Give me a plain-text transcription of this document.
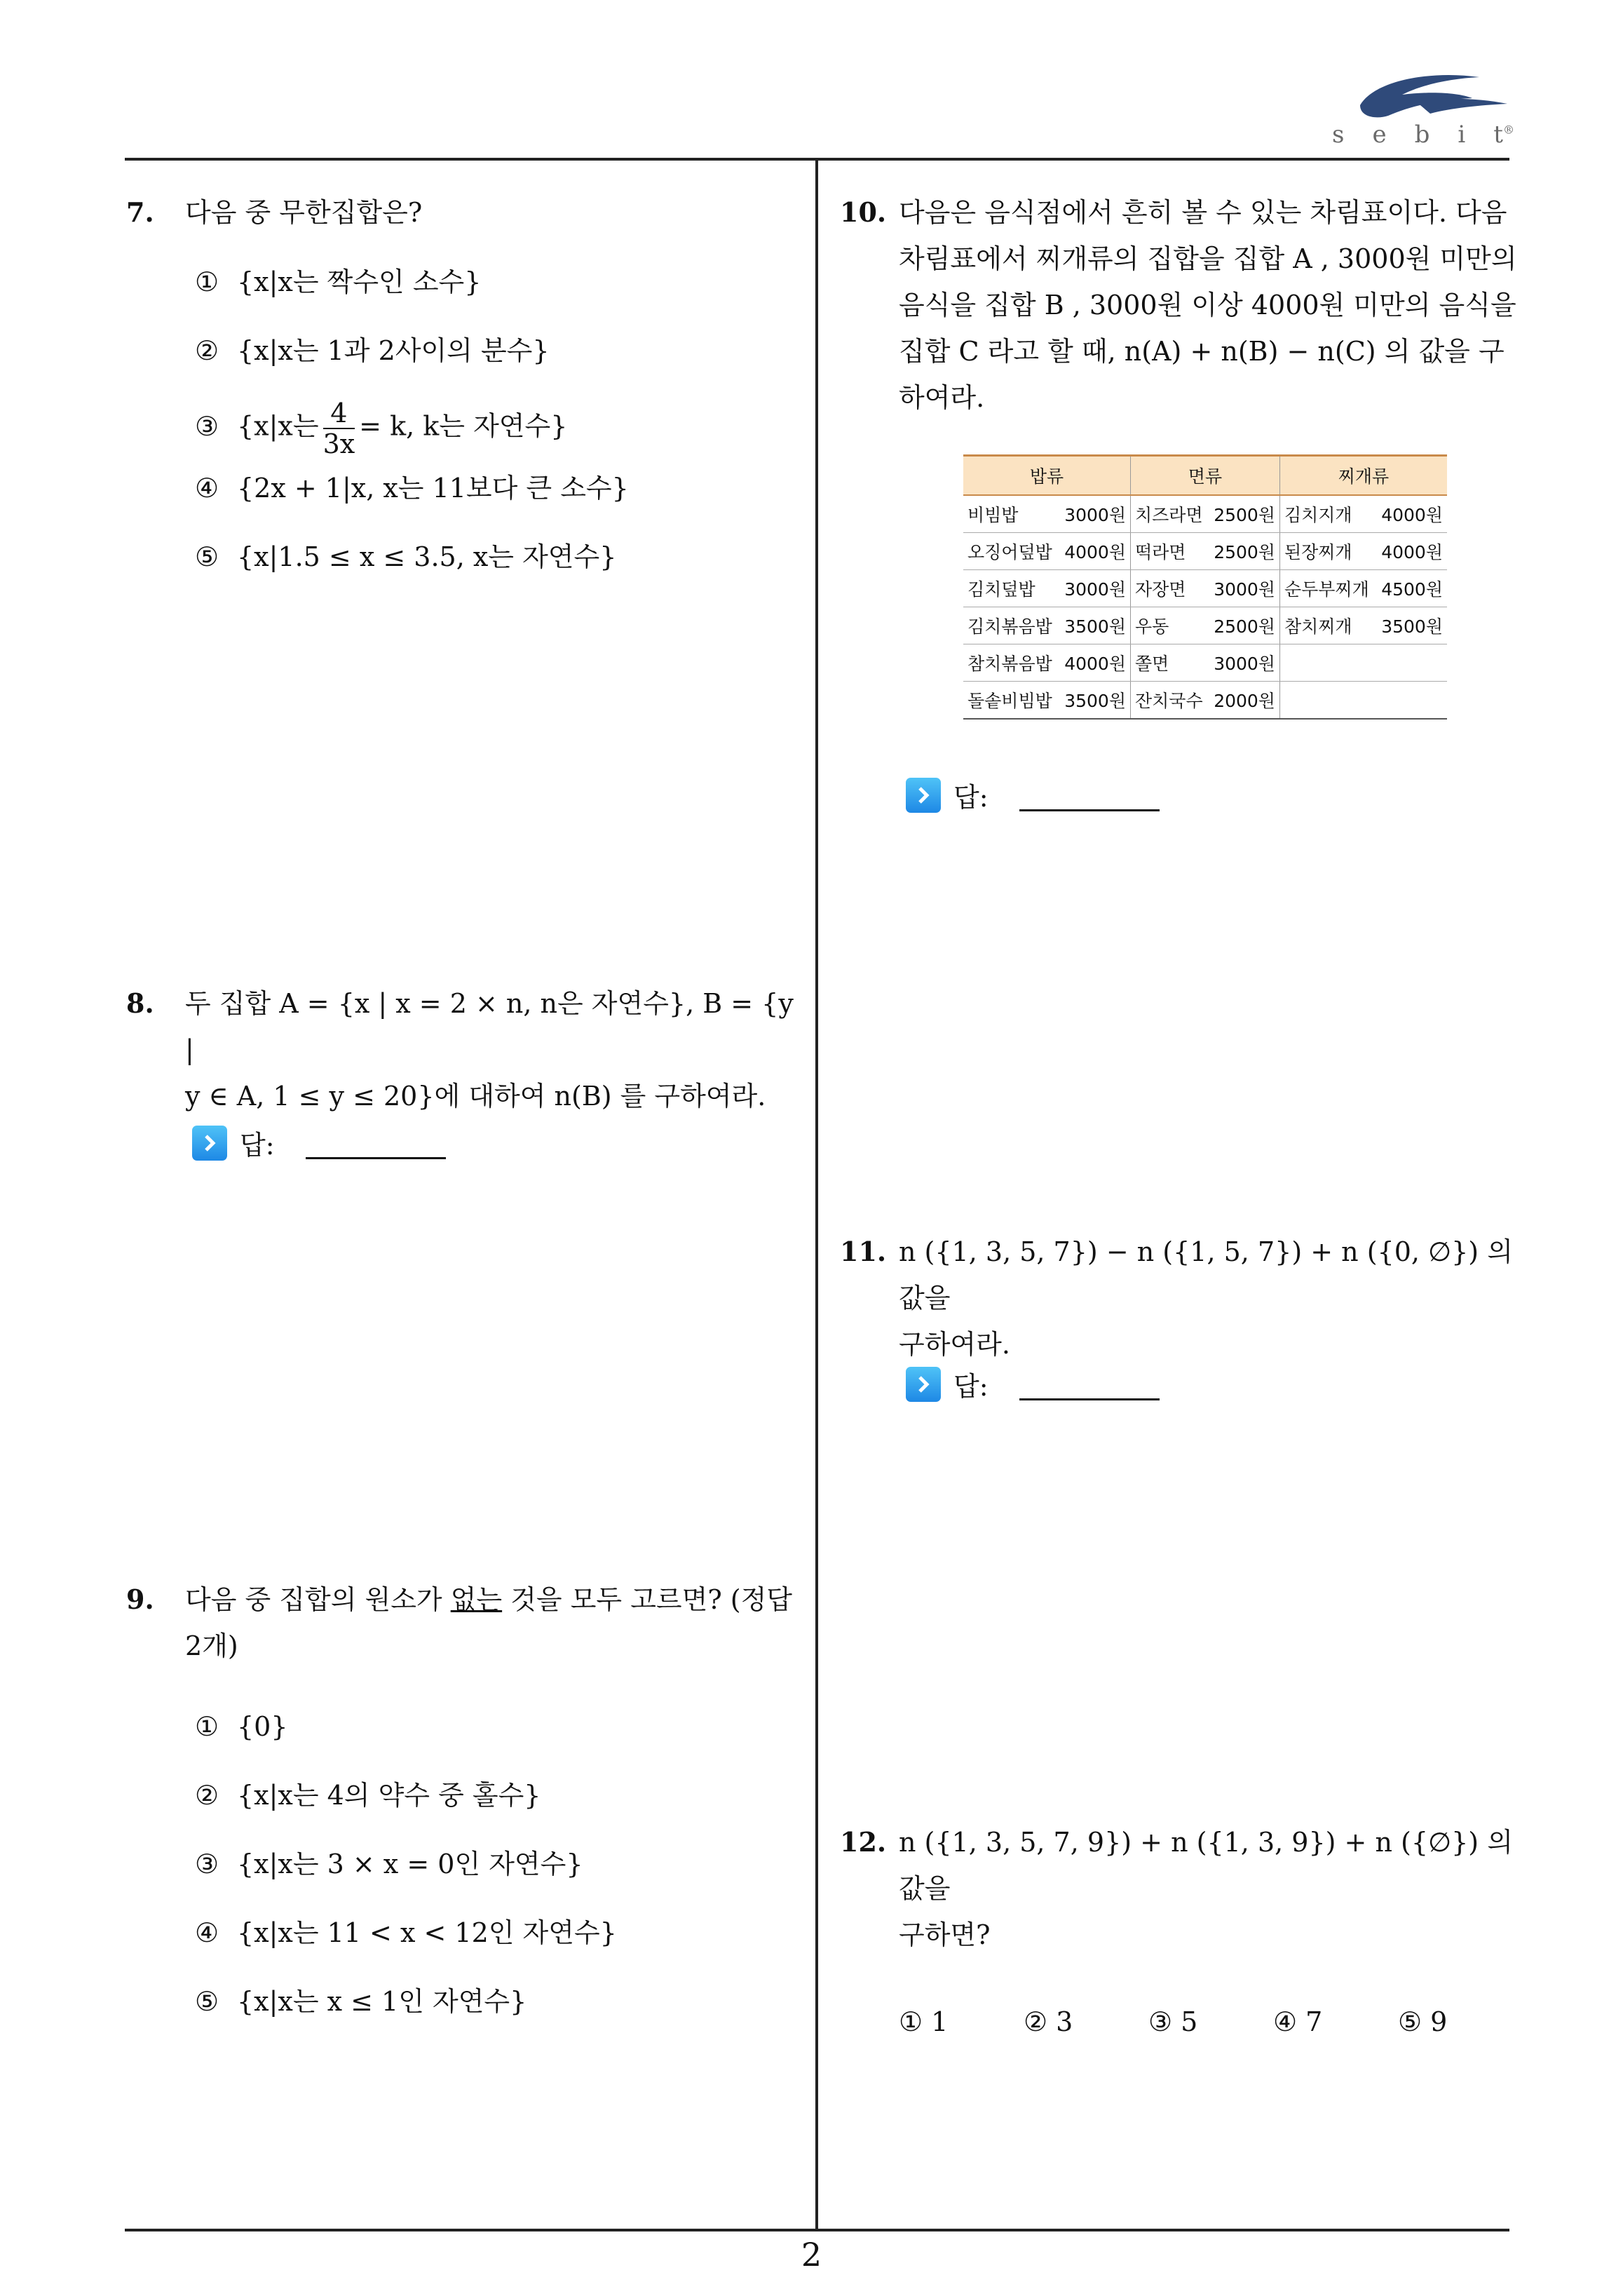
s e b i t®
7. 다음 중 무한집합은?
① {x|x는 짝수인 소수}
② {x|x는 1과 2사이의 분수}
③ {x|x는 $\frac{4}{3x} = k$, k는 자연수}
④ {2x + 1|x, x는 11보다 큰 소수}
⑤ {x|1.5 ≤ x ≤ 3.5, x는 자연수}
8. 두 집합 A = {x | x = 2 × n, n은 자연수}, B = {y |
y ∈ A, 1 ≤ y ≤ 20}에 대하여 n(B) 를 구하여라.
답:
9. 다음 중 집합의 원소가 없는 것을 모두 고르면? (정답
2개)
① {0}
② {x|x는 4의 약수 중 홀수}
③ {x|x는 3 × x = 0인 자연수}
④ {x|x는 11 < x < 12인 자연수}
⑤ {x|x는 x ≤ 1인 자연수}
10. 다음은 음식점에서 흔히 볼 수 있는 차림표이다. 다음
차림표에서 찌개류의 집합을 집합 A , 3000원 미만의
음식을 집합 B , 3000원 이상 4000원 미만의 음식을
집합 C 라고 할 때, n(A) + n(B) − n(C) 의 값을 구
하여라.
밥류	면류	찌개류

비빔밥 3000원	치즈라면 2500원	김치지개 4000원

오징어덮밥 4000원	떡라면 2500원	된장찌개 4000원

김치덮밥 3000원	자장면 3000원	순두부찌개 4500원

김치볶음밥 3500원	우동 2500원	참치찌개 3500원

참치볶음밥 4000원	쫄면 3000원	

돌솥비빔밥 3500원	잔치국수 2000원	

답:
11. n ({1, 3, 5, 7}) − n ({1, 5, 7}) + n ({0, ∅}) 의 값을
구하여라.
답:
12. n ({1, 3, 5, 7, 9}) + n ({1, 3, 9}) + n ({∅}) 의 값을
구하면?
① 1	② 3	③ 5	④ 7	⑤ 9
2
